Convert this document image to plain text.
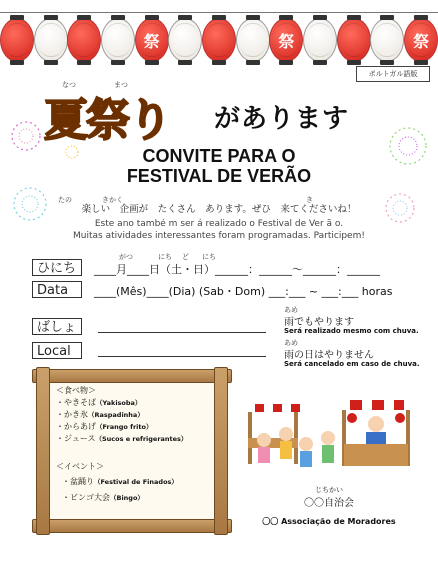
祭	祭	祭
ポルトガル語版
なつ	まつ
夏祭り があります
CONVITE PARA O
FESTIVAL DE VERÃO
たの	きかく	き
楽しい　企画が　たくさん　あります。ぜひ　来てくださいね！
Este ano també m ser á realizado o Festival de Ver ã o.
Muitas atividades interessantes foram programadas. Participem!
ひにち
がつ	にち ど にち
____月____日（土・日）______：______〜______：______
Data	____(Mês)____(Dia) (Sab・Dom) ___:___ ~ ___:___ horas
ばしょ
Local
あめ
雨でもやります
Será realizado mesmo com chuva.
あめ
雨の日はやりません
Será cancelado em caso de chuva.
＜食べ物＞
・やきそば（Yakisoba）
・かき氷（Raspadinha）
・からあげ（Frango frito）
・ジュース（Sucos e refrigerantes）
＜イベント＞
・盆踊り（Festival de Finados）
・ビンゴ大会（Bingo）
じちかい
〇〇自治会
〇〇 Associação de Moradores
